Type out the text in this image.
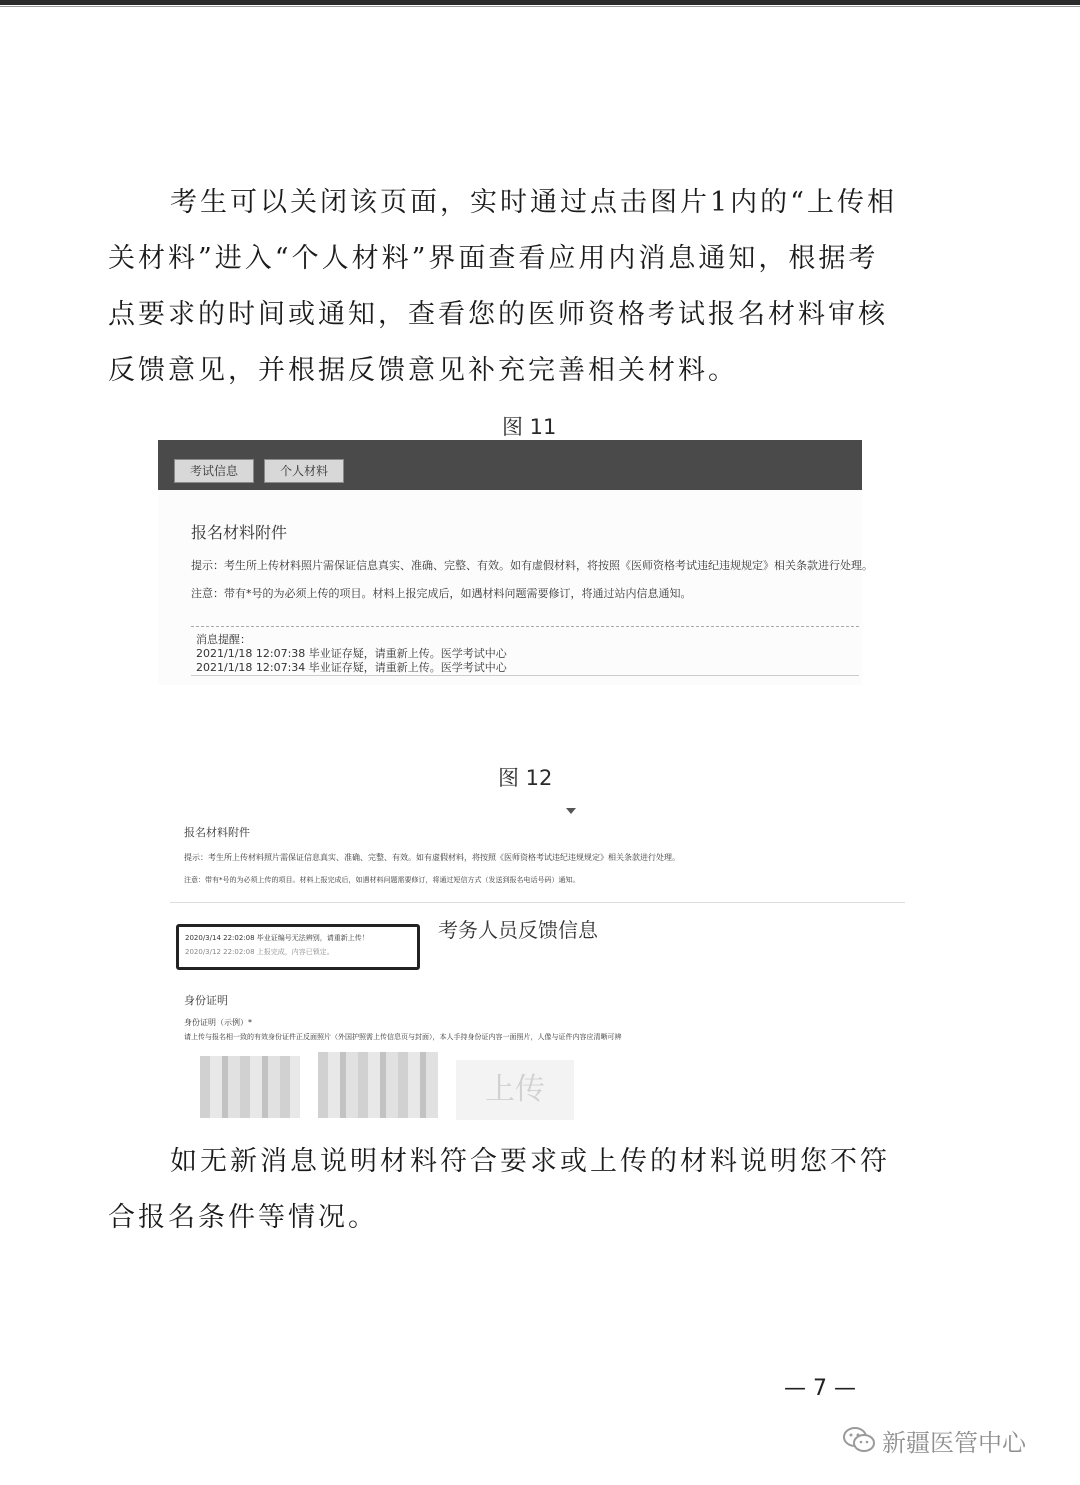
考生可以关闭该页面，实时通过点击图片1内的“上传相关材料”进入“个人材料”界面查看应用内消息通知，根据考点要求的时间或通知，查看您的医师资格考试报名材料审核反馈意见，并根据反馈意见补充完善相关材料。

图 11
考试信息	个人材料
报名材料附件
提示：考生所上传材料照片需保证信息真实、准确、完整、有效。如有虚假材料，将按照《医师资格考试违纪违规规定》相关条款进行处理。
注意：带有*号的为必须上传的项目。材料上报完成后，如遇材料问题需要修订，将通过站内信息通知。
消息提醒：
2021/1/18 12:07:38 毕业证存疑，请重新上传。医学考试中心
2021/1/18 12:07:34 毕业证存疑，请重新上传。医学考试中心
图 12
报名材料附件
提示：考生所上传材料照片需保证信息真实、准确、完整、有效。如有虚假材料，将按照《医师资格考试违纪违规规定》相关条款进行处理。
注意：带有*号的为必须上传的项目。材料上报完成后，如遇材料问题需要修订，将通过短信方式（发送到报名电话号码）通知。
2020/3/14 22:02:08 毕业证编号无法辨别，请重新上传！
2020/3/12 22:02:08 上报完成，内容已锁定。
考务人员反馈信息
身份证明
身份证明（示例）*
请上传与报名相一致的有效身份证件正反面照片（外国护照需上传信息页与封面），本人手持身份证内容一面照片，人像与证件内容应清晰可辨
上传

如无新消息说明材料符合要求或上传的材料说明您不符合报名条件等情况。

— 7 —
新疆医管中心
